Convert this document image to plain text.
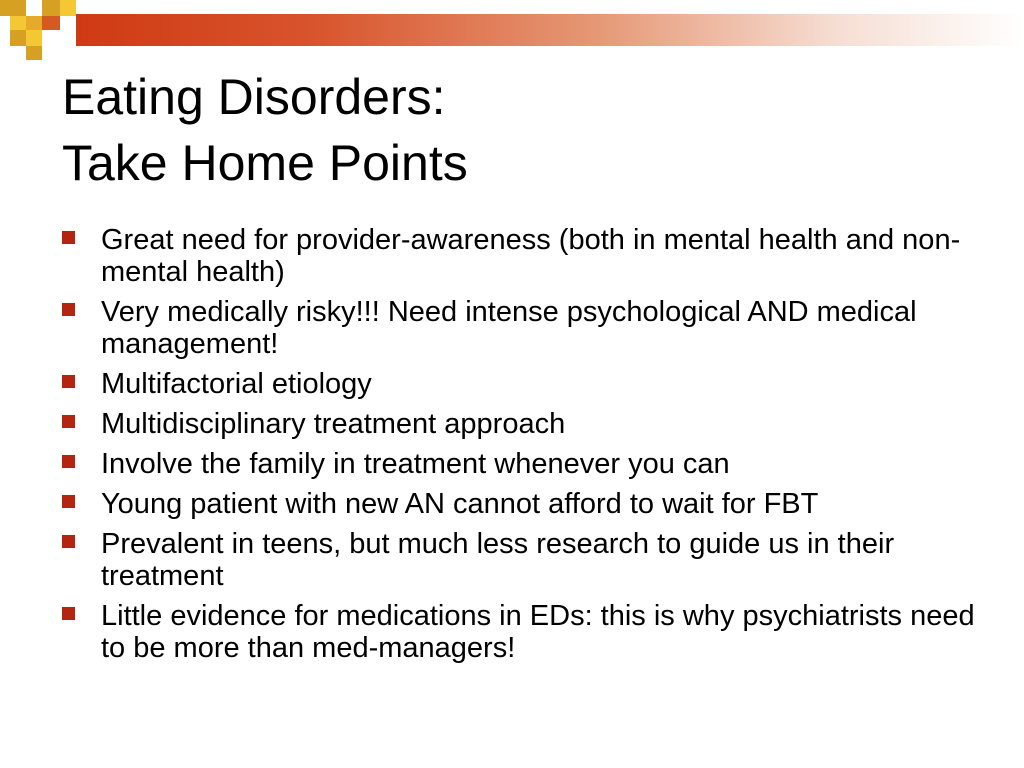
Eating Disorders:
Take Home Points
Great need for provider-awareness (both in mental health and non-mental health)
Very medically risky!!! Need intense psychological AND medical management!
Multifactorial etiology
Multidisciplinary treatment approach
Involve the family in treatment whenever you can
Young patient with new AN cannot afford to wait for FBT
Prevalent in teens, but much less research to guide us in their treatment
Little evidence for medications in EDs: this is why psychiatrists need to be more than med-managers!
